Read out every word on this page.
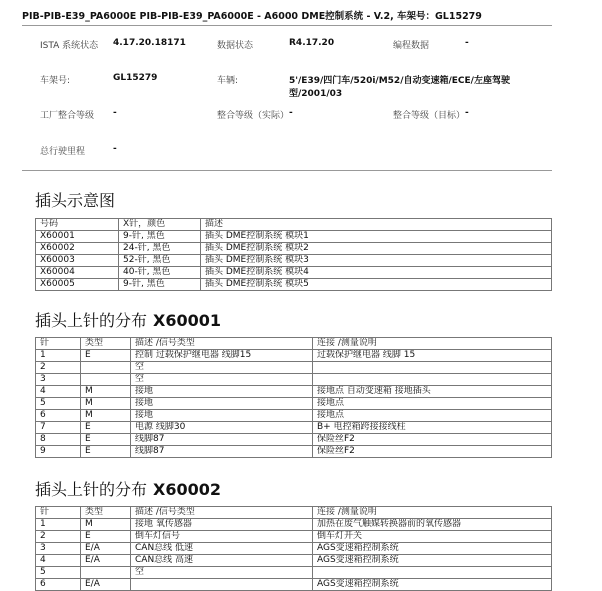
PIB-PIB-E39_PA6000E PIB-PIB-E39_PA6000E - A6000 DME控制系统 - V.2, 车架号：GL15279
ISTA 系统状态	4.17.20.18171	数据状态	R4.17.20	编程数据	-
车架号:	GL15279	车辆:	5'/E39/四门车/520i/M52/自动变速箱/ECE/左座驾驶型/2001/03
工厂整合等级	-	整合等级（实际） -	整合等级（目标） -
总行驶里程	-
插头示意图
号码	X针，颜色	描述
X60001	9-针, 黑色	插头 DME控制系统 模块1
X60002	24-针, 黑色	插头 DME控制系统 模块2
X60003	52-针, 黑色	插头 DME控制系统 模块3
X60004	40-针, 黑色	插头 DME控制系统 模块4
X60005	9-针, 黑色	插头 DME控制系统 模块5
插头上针的分布 X60001
针	类型	描述 /信号类型	连接 /测量说明
1	E	控制 过载保护继电器 线脚15	过载保护继电器 线脚 15
2		空	
3		空	
4	M	接地	接地点 自动变速箱 接地插头
5	M	接地	接地点
6	M	接地	接地点
7	E	电源 线脚30	B+ 电控箱跨接接线柱
8	E	线脚87	保险丝F2
9	E	线脚87	保险丝F2
插头上针的分布 X60002
针	类型	描述 /信号类型	连接 /测量说明
1	M	接地 氧传感器	加热在废气触媒转换器前的氧传感器
2	E	倒车灯信号	倒车灯开关
3	E/A	CAN总线 低速	AGS变速箱控制系统
4	E/A	CAN总线 高速	AGS变速箱控制系统
5		空	
6	E/A		AGS变速箱控制系统
